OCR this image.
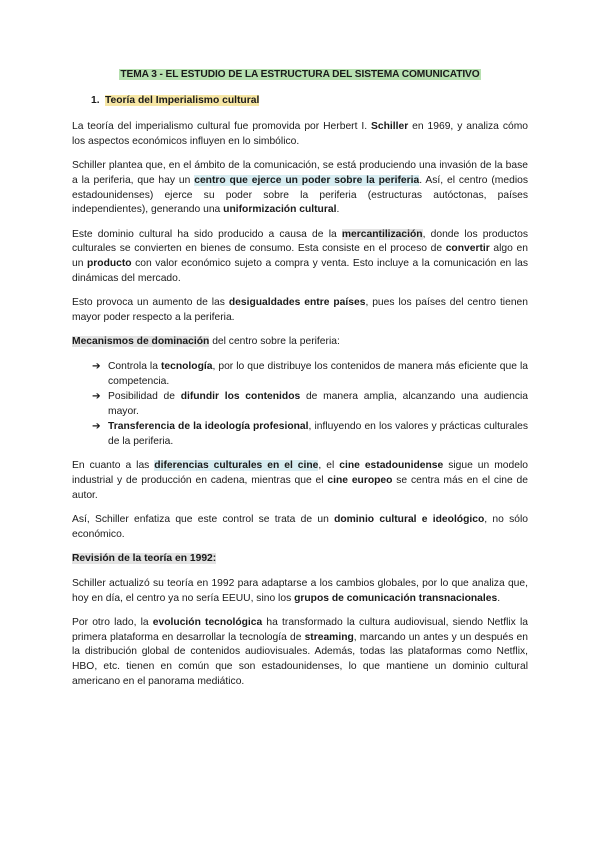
TEMA 3 - EL ESTUDIO DE LA ESTRUCTURA DEL SISTEMA COMUNICATIVO
1. Teoría del Imperialismo cultural

La teoría del imperialismo cultural fue promovida por Herbert I. Schiller en 1969, y analiza cómo los aspectos económicos influyen en lo simbólico.

Schiller plantea que, en el ámbito de la comunicación, se está produciendo una invasión de la base a la periferia, que hay un centro que ejerce un poder sobre la periferia. Así, el centro (medios estadounidenses) ejerce su poder sobre la periferia (estructuras autóctonas, países independientes), generando una uniformización cultural.

Este dominio cultural ha sido producido a causa de la mercantilización, donde los productos culturales se convierten en bienes de consumo. Esta consiste en el proceso de convertir algo en un producto con valor económico sujeto a compra y venta. Esto incluye a la comunicación en las dinámicas del mercado.

Esto provoca un aumento de las desigualdades entre países, pues los países del centro tienen mayor poder respecto a la periferia.

Mecanismos de dominación del centro sobre la periferia:

➔ Controla la tecnología, por lo que distribuye los contenidos de manera más eficiente que la competencia.
➔ Posibilidad de difundir los contenidos de manera amplia, alcanzando una audiencia mayor.
➔ Transferencia de la ideología profesional, influyendo en los valores y prácticas culturales de la periferia.

En cuanto a las diferencias culturales en el cine, el cine estadounidense sigue un modelo industrial y de producción en cadena, mientras que el cine europeo se centra más en el cine de autor.

Así, Schiller enfatiza que este control se trata de un dominio cultural e ideológico, no sólo económico.

Revisión de la teoría en 1992:

Schiller actualizó su teoría en 1992 para adaptarse a los cambios globales, por lo que analiza que, hoy en día, el centro ya no sería EEUU, sino los grupos de comunicación transnacionales.

Por otro lado, la evolución tecnológica ha transformado la cultura audiovisual, siendo Netflix la primera plataforma en desarrollar la tecnología de streaming, marcando un antes y un después en la distribución global de contenidos audiovisuales. Además, todas las plataformas como Netflix, HBO, etc. tienen en común que son estadounidenses, lo que mantiene un dominio cultural americano en el panorama mediático.
